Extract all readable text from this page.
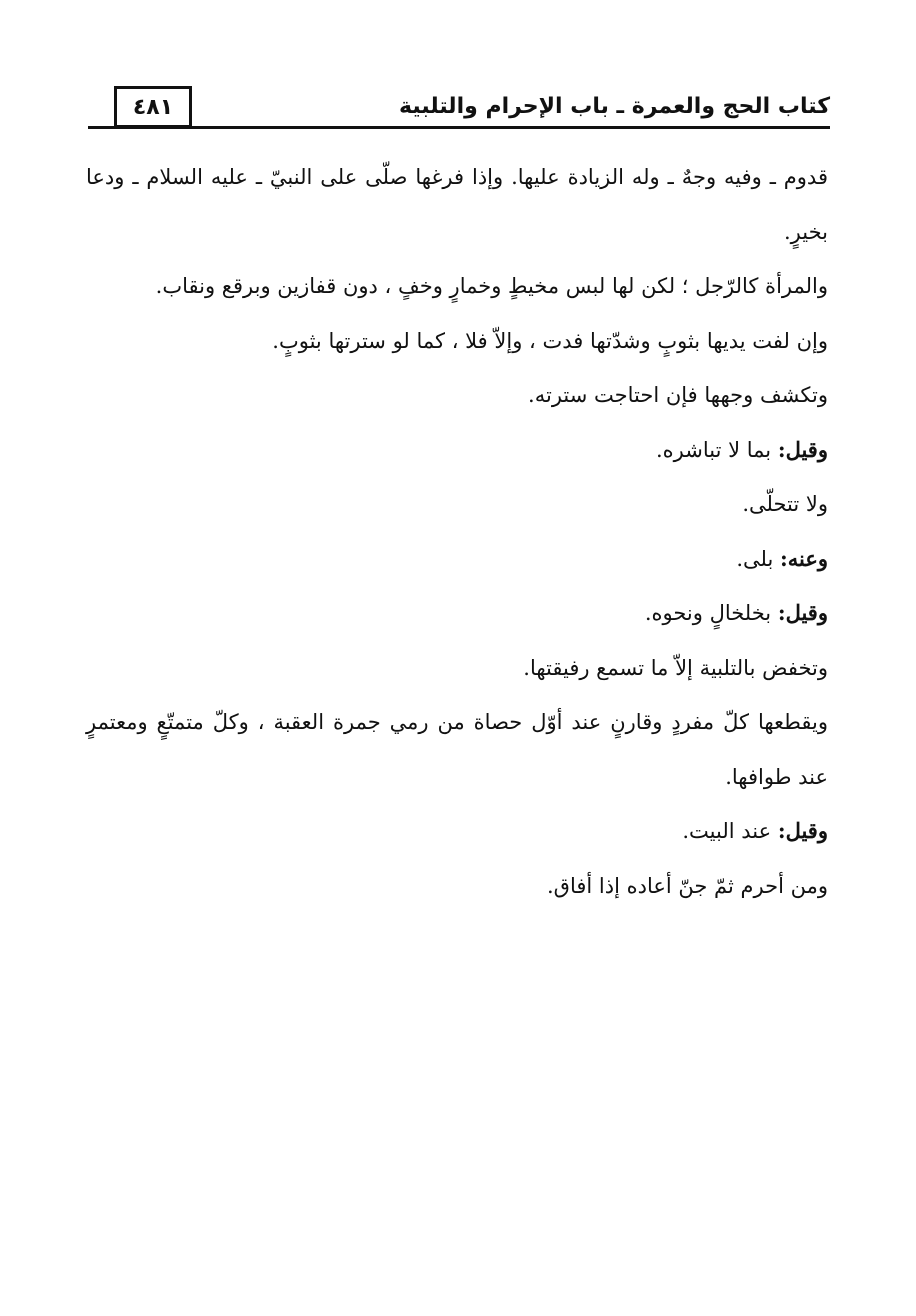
كتاب الحج والعمرة ـ باب الإحرام والتلبية
٤٨١

قدوم ـ وفيه وجهٌ ـ وله الزيادة عليها. وإذا فرغها صلّى على النبيّ ـ عليه السلام ـ ودعا بخيرٍ.

والمرأة كالرّجل ؛ لكن لها لبس مخيطٍ وخمارٍ وخفٍ ، دون قفازين وبرقع ونقاب.

وإن لفت يديها بثوبٍ وشدّتها فدت ، وإلاّ فلا ، كما لو سترتها بثوبٍ.

وتكشف وجهها فإن احتاجت سترته.

وقيل: بما لا تباشره.

ولا تتحلّى.

وعنه: بلى.

وقيل: بخلخالٍ ونحوه.

وتخفض بالتلبية إلاّ ما تسمع رفيقتها.

ويقطعها كلّ مفردٍ وقارنٍ عند أوّل حصاة من رمي جمرة العقبة ، وكلّ متمتّعٍ ومعتمرٍ عند طوافها.

وقيل: عند البيت.

ومن أحرم ثمّ جنّ أعاده إذا أفاق.
